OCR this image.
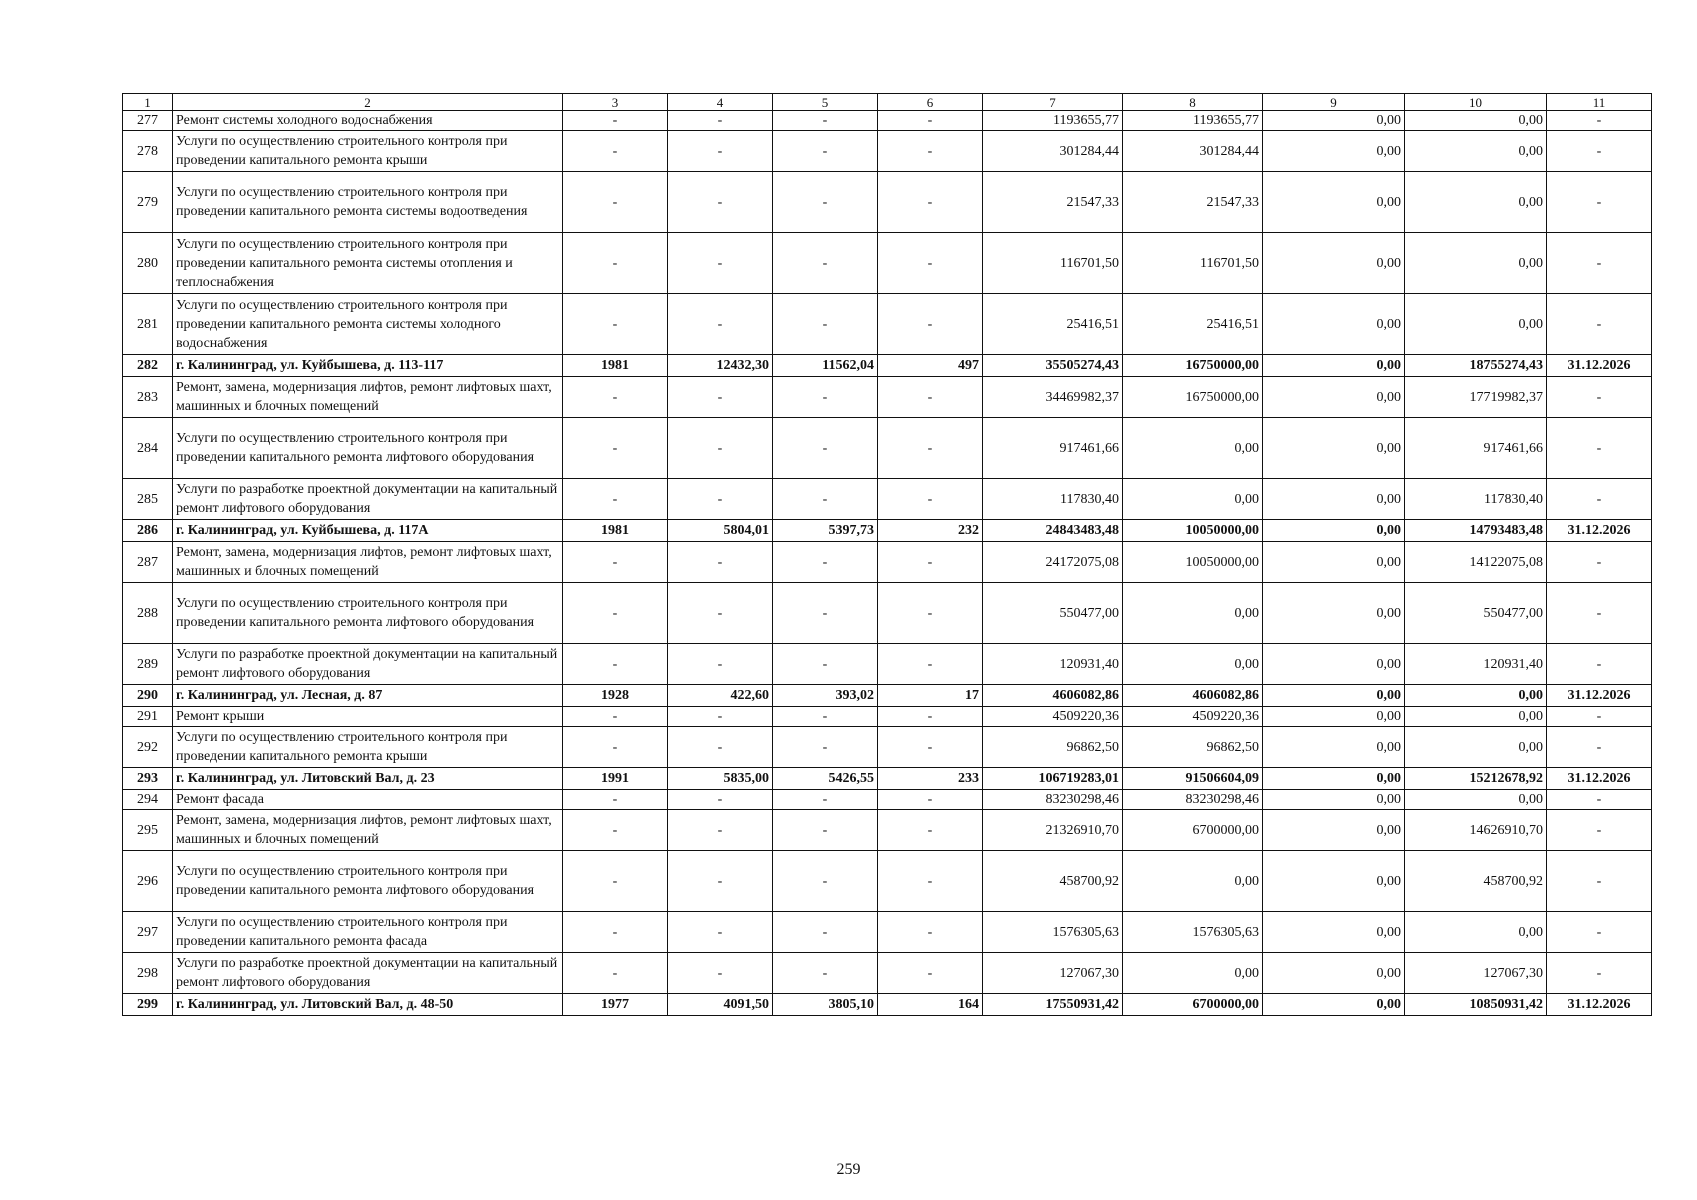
1	2	3	4	5	6	7	8	9	10	11
277	Ремонт системы холодного водоснабжения	-	-	-	-	1193655,77	1193655,77	0,00	0,00	-
278	Услуги по осуществлению строительного контроля при проведении капитального ремонта крыши	-	-	-	-	301284,44	301284,44	0,00	0,00	-
279	Услуги по осуществлению строительного контроля при проведении капитального ремонта системы водоотведения	-	-	-	-	21547,33	21547,33	0,00	0,00	-
280	Услуги по осуществлению строительного контроля при проведении капитального ремонта системы отопления и теплоснабжения	-	-	-	-	116701,50	116701,50	0,00	0,00	-
281	Услуги по осуществлению строительного контроля при проведении капитального ремонта системы холодного водоснабжения	-	-	-	-	25416,51	25416,51	0,00	0,00	-
282	г. Калининград, ул. Куйбышева, д. 113-117	1981	12432,30	11562,04	497	35505274,43	16750000,00	0,00	18755274,43	31.12.2026
283	Ремонт, замена, модернизация лифтов, ремонт лифтовых шахт, машинных и блочных помещений	-	-	-	-	34469982,37	16750000,00	0,00	17719982,37	-
284	Услуги по осуществлению строительного контроля при проведении капитального ремонта лифтового оборудования	-	-	-	-	917461,66	0,00	0,00	917461,66	-
285	Услуги по разработке проектной документации на капитальный ремонт лифтового оборудования	-	-	-	-	117830,40	0,00	0,00	117830,40	-
286	г. Калининград, ул. Куйбышева, д. 117А	1981	5804,01	5397,73	232	24843483,48	10050000,00	0,00	14793483,48	31.12.2026
287	Ремонт, замена, модернизация лифтов, ремонт лифтовых шахт, машинных и блочных помещений	-	-	-	-	24172075,08	10050000,00	0,00	14122075,08	-
288	Услуги по осуществлению строительного контроля при проведении капитального ремонта лифтового оборудования	-	-	-	-	550477,00	0,00	0,00	550477,00	-
289	Услуги по разработке проектной документации на капитальный ремонт лифтового оборудования	-	-	-	-	120931,40	0,00	0,00	120931,40	-
290	г. Калининград, ул. Лесная, д. 87	1928	422,60	393,02	17	4606082,86	4606082,86	0,00	0,00	31.12.2026
291	Ремонт крыши	-	-	-	-	4509220,36	4509220,36	0,00	0,00	-
292	Услуги по осуществлению строительного контроля при проведении капитального ремонта крыши	-	-	-	-	96862,50	96862,50	0,00	0,00	-
293	г. Калининград, ул. Литовский Вал, д. 23	1991	5835,00	5426,55	233	106719283,01	91506604,09	0,00	15212678,92	31.12.2026
294	Ремонт фасада	-	-	-	-	83230298,46	83230298,46	0,00	0,00	-
295	Ремонт, замена, модернизация лифтов, ремонт лифтовых шахт, машинных и блочных помещений	-	-	-	-	21326910,70	6700000,00	0,00	14626910,70	-
296	Услуги по осуществлению строительного контроля при проведении капитального ремонта лифтового оборудования	-	-	-	-	458700,92	0,00	0,00	458700,92	-
297	Услуги по осуществлению строительного контроля при проведении капитального ремонта фасада	-	-	-	-	1576305,63	1576305,63	0,00	0,00	-
298	Услуги по разработке проектной документации на капитальный ремонт лифтового оборудования	-	-	-	-	127067,30	0,00	0,00	127067,30	-
299	г. Калининград, ул. Литовский Вал, д. 48-50	1977	4091,50	3805,10	164	17550931,42	6700000,00	0,00	10850931,42	31.12.2026
259
